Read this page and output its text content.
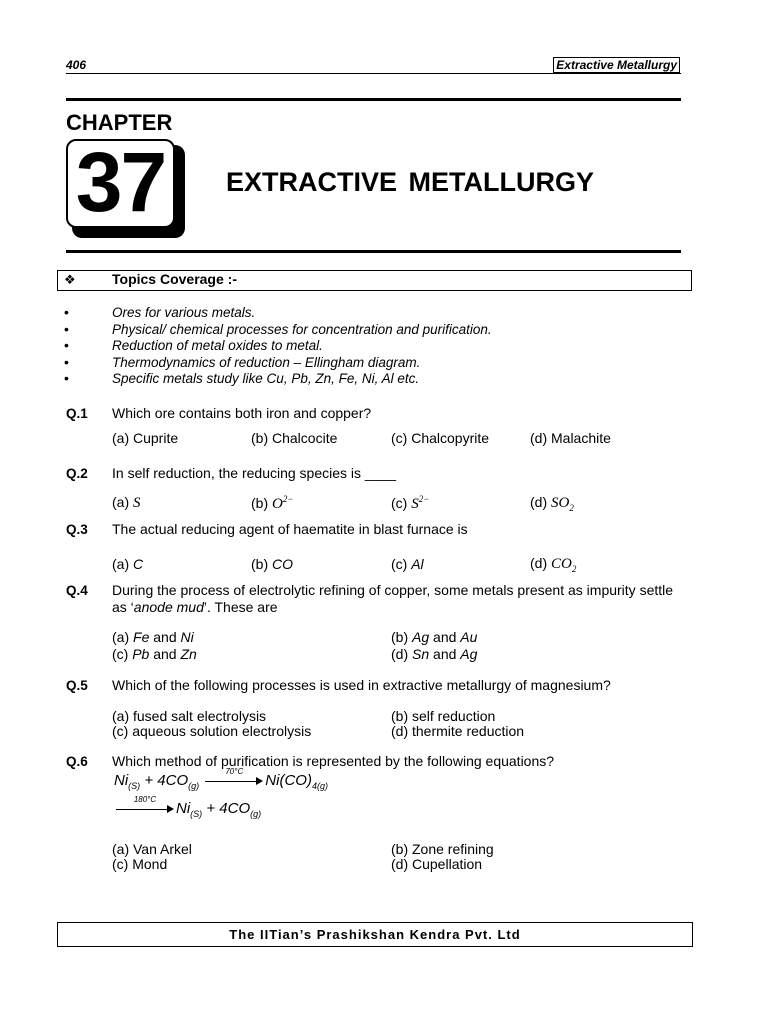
406	Extractive Metallurgy
CHAPTER
37	EXTRACTIVE METALLURGY
❖	Topics Coverage :-
•	Ores for various metals.
•	Physical/ chemical processes for concentration and purification.
•	Reduction of metal oxides to metal.
•	Thermodynamics of reduction – Ellingham diagram.
•	Specific metals study like Cu, Pb, Zn, Fe, Ni, Al etc.
Q.1 Which ore contains both iron and copper?
(a) Cuprite	(b) Chalcocite	(c) Chalcopyrite	(d) Malachite
Q.2 In self reduction, the reducing species is ____
(a) S	(b) $O^{2-}$	(c) $S^{2-}$	(d) $SO_2$
Q.3 The actual reducing agent of haematite in blast furnace is
(a) C	(b) CO	(c) Al	(d) $CO_2$
Q.4 During the process of electrolytic refining of copper, some metals present as impurity settle
as ‘anode mud’. These are
(a) Fe and Ni	(b) Ag and Au
(c) Pb and Zn	(d) Sn and Ag
Q.5 Which of the following processes is used in extractive metallurgy of magnesium?
(a) fused salt electrolysis	(b) self reduction
(c) aqueous solution electrolysis	(d) thermite reduction
Q.6 Which method of purification is represented by the following equations?
$Ni_{(S)} + 4CO_{(g)}$
70°C
$Ni(CO)_{4(g)}$
180°C
$Ni_{(S)} + 4CO_{(g)}$
(a) Van Arkel	(b) Zone refining
(c) Mond	(d) Cupellation
The IITian’s Prashikshan Kendra Pvt. Ltd
